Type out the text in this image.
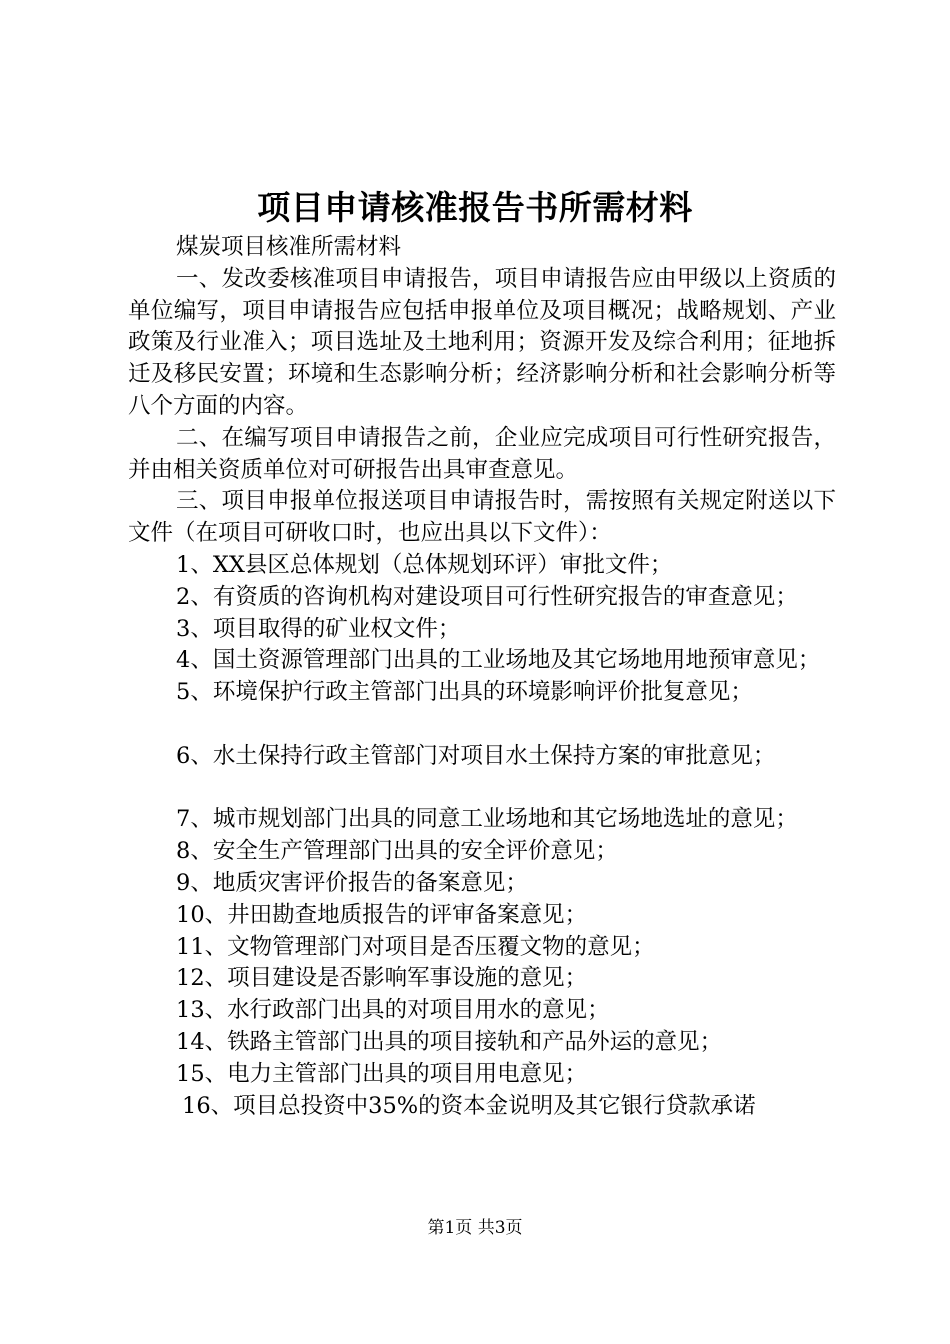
项目申请核准报告书所需材料

煤炭项目核准所需材料

一、发改委核准项目申请报告，项目申请报告应由甲级以上资质的单位编写，项目申请报告应包括申报单位及项目概况；战略规划、产业政策及行业准入；项目选址及土地利用；资源开发及综合利用；征地拆迁及移民安置；环境和生态影响分析；经济影响分析和社会影响分析等八个方面的内容。

二、在编写项目申请报告之前，企业应完成项目可行性研究报告，并由相关资质单位对可研报告出具审查意见。

三、项目申报单位报送项目申请报告时，需按照有关规定附送以下文件（在项目可研收口时，也应出具以下文件）：

1、XX县区总体规划（总体规划环评）审批文件；

2、有资质的咨询机构对建设项目可行性研究报告的审查意见；

3、项目取得的矿业权文件；

4、国土资源管理部门出具的工业场地及其它场地用地预审意见；

5、环境保护行政主管部门出具的环境影响评价批复意见；

6、水土保持行政主管部门对项目水土保持方案的审批意见；

7、城市规划部门出具的同意工业场地和其它场地选址的意见；

8、安全生产管理部门出具的安全评价意见；

9、地质灾害评价报告的备案意见；

10、井田勘查地质报告的评审备案意见；

11、文物管理部门对项目是否压覆文物的意见；

12、项目建设是否影响军事设施的意见；

13、水行政部门出具的对项目用水的意见；

14、铁路主管部门出具的项目接轨和产品外运的意见；

15、电力主管部门出具的项目用电意见；

16、项目总投资中35%的资本金说明及其它银行贷款承诺

第1页 共3页
